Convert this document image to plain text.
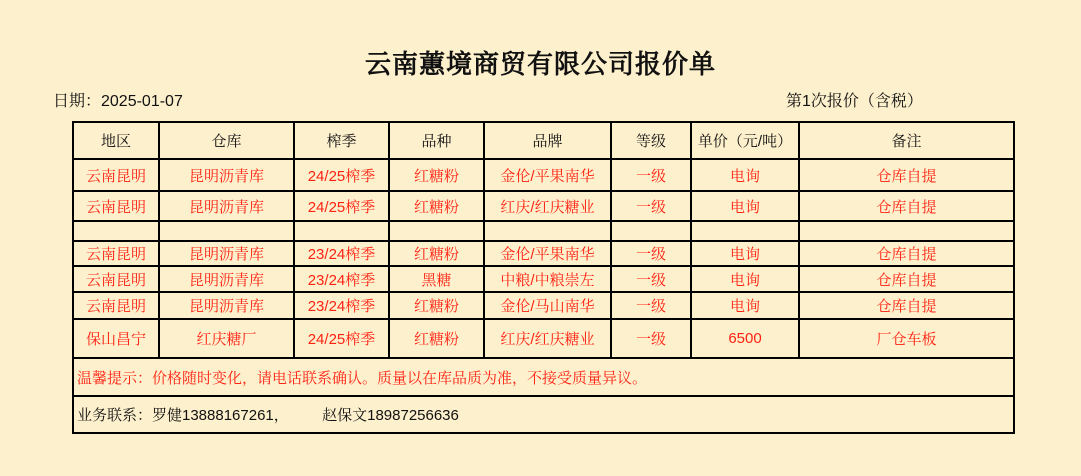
云南蕙境商贸有限公司报价单
日期：2025-01-07	第1次报价（含税）
地区	仓库	榨季	品种	品牌	等级	单价（元/吨）	备注
云南昆明	昆明沥青库	24/25榨季	红糖粉	金伦/平果南华	一级	电询	仓库自提
云南昆明	昆明沥青库	24/25榨季	红糖粉	红庆/红庆糖业	一级	电询	仓库自提

云南昆明	昆明沥青库	23/24榨季	红糖粉	金伦/平果南华	一级	电询	仓库自提
云南昆明	昆明沥青库	23/24榨季	黑糖	中粮/中粮崇左	一级	电询	仓库自提
云南昆明	昆明沥青库	23/24榨季	红糖粉	金伦/马山南华	一级	电询	仓库自提
保山昌宁	红庆糖厂	24/25榨季	红糖粉	红庆/红庆糖业	一级	6500	厂仓车板
温馨提示：价格随时变化，请电话联系确认。质量以在库品质为准，不接受质量异议。							
业务联系：罗健13888167261，        赵保文18987256636							
